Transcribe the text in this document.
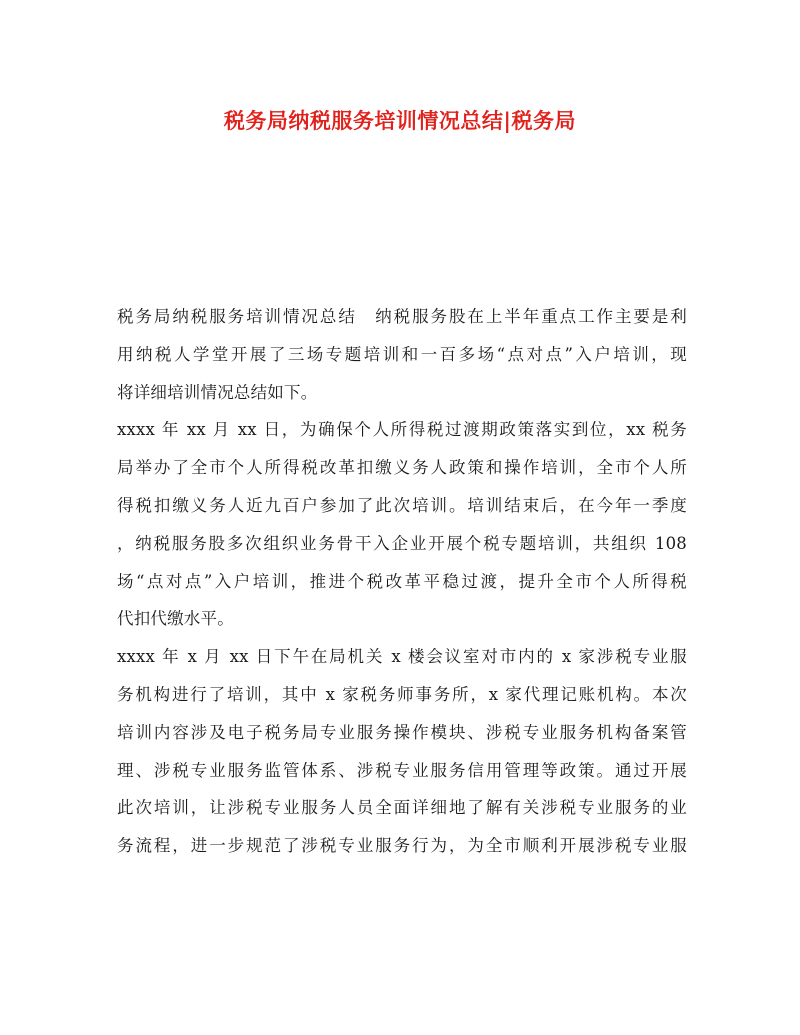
税务局纳税服务培训情况总结|税务局
税务局纳税服务培训情况总结　纳税服务股在上半年重点工作主要是利
用纳税人学堂开展了三场专题培训和一百多场“点对点”入户培训，现
将详细培训情况总结如下。
xxxx 年 xx 月 xx 日，为确保个人所得税过渡期政策落实到位，xx 税务
局举办了全市个人所得税改革扣缴义务人政策和操作培训，全市个人所
得税扣缴义务人近九百户参加了此次培训。培训结束后，在今年一季度
，纳税服务股多次组织业务骨干入企业开展个税专题培训，共组织 108
场“点对点”入户培训，推进个税改革平稳过渡，提升全市个人所得税
代扣代缴水平。
xxxx 年 x 月 xx 日下午在局机关 x 楼会议室对市内的 x 家涉税专业服
务机构进行了培训，其中 x 家税务师事务所，x 家代理记账机构。本次
培训内容涉及电子税务局专业服务操作模块、涉税专业服务机构备案管
理、涉税专业服务监管体系、涉税专业服务信用管理等政策。通过开展
此次培训，让涉税专业服务人员全面详细地了解有关涉税专业服务的业
务流程，进一步规范了涉税专业服务行为，为全市顺利开展涉税专业服
